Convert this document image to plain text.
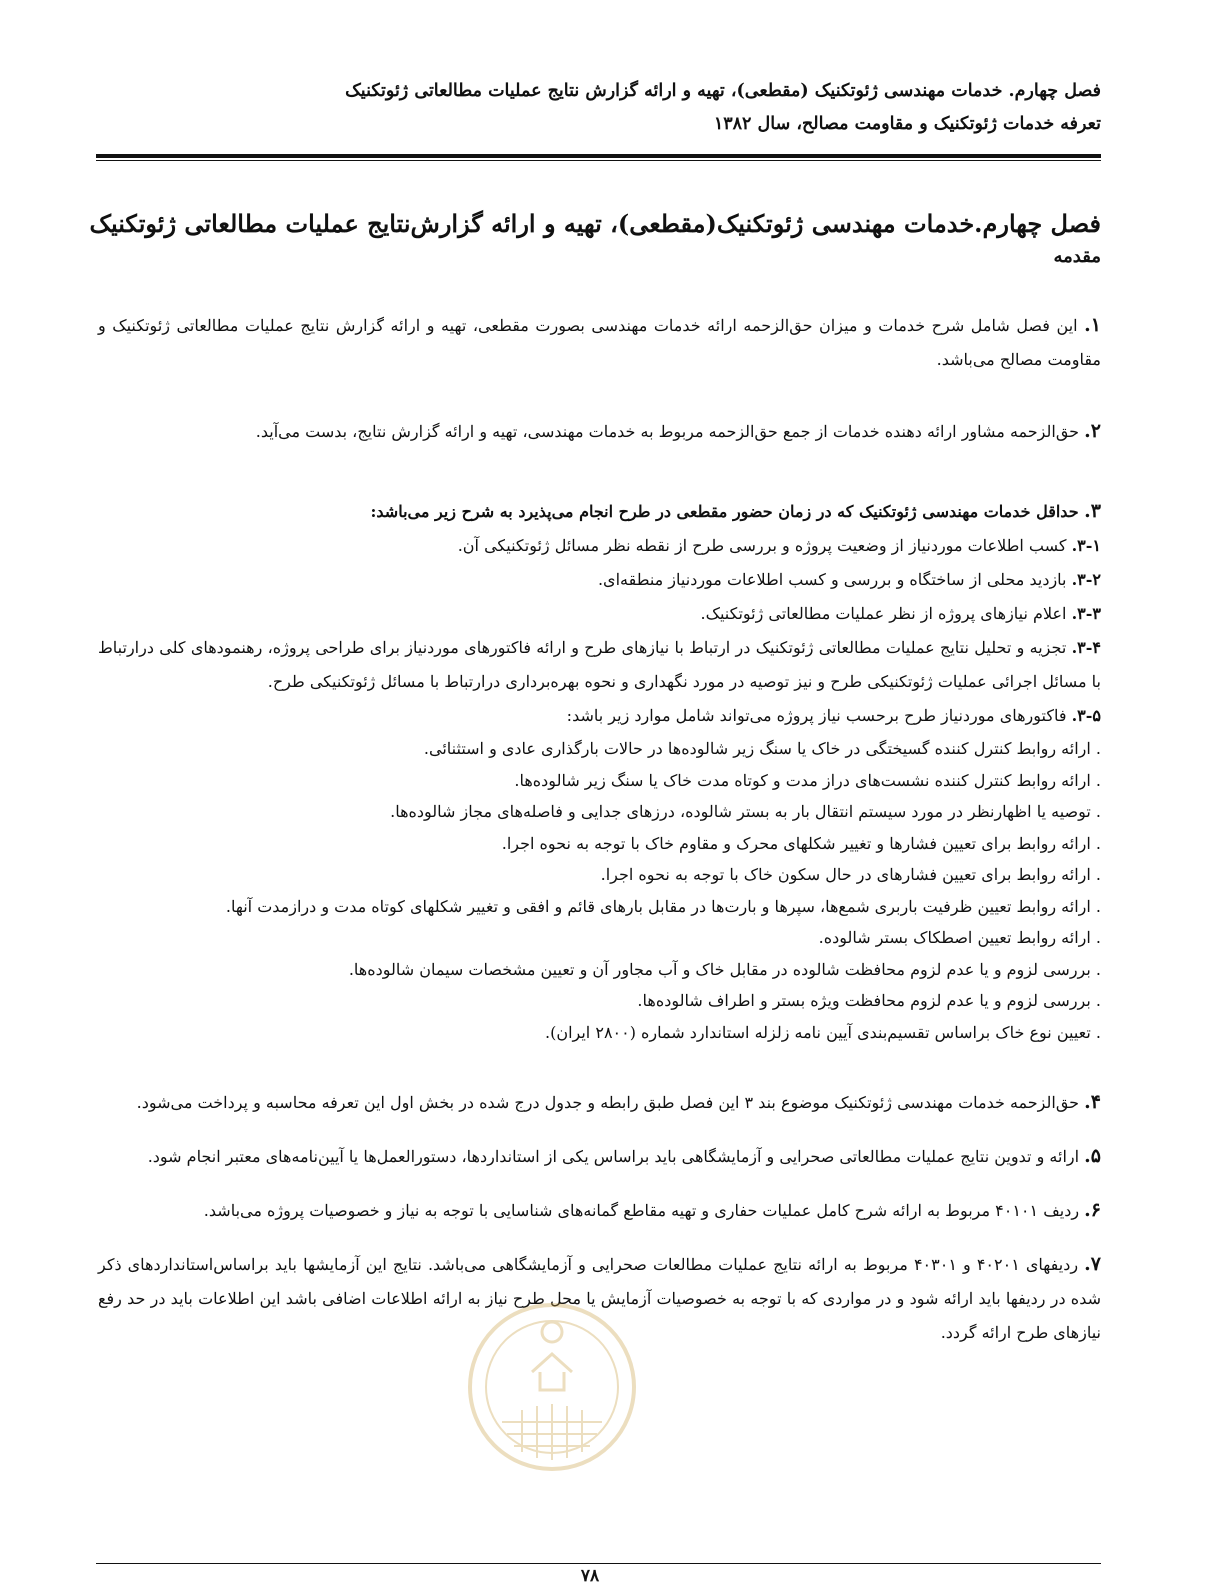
فصل چهارم. خدمات مهندسی ژئوتکنیک (مقطعی)، تهیه و ارائه گزارش نتایج عملیات مطالعاتی ژئوتکنیک
تعرفه خدمات ژئوتکنیک و مقاومت مصالح، سال ۱۳۸۲
فصل چهارم.خدمات مهندسی ژئوتکنیک(مقطعی)، تهیه و ارائه گزارش‌نتایج عملیات مطالعاتی ژئوتکنیک
مقدمه
۱. این فصل شامل شرح خدمات و میزان حق‌الزحمه ارائه خدمات مهندسی بصورت مقطعی، تهیه و ارائه گزارش نتایج عملیات مطالعاتی ژئوتکنیک و مقاومت مصالح می‌باشد.
۲. حق‌الزحمه مشاور ارائه دهنده خدمات از جمع حق‌الزحمه مربوط به خدمات مهندسی، تهیه و ارائه گزارش نتایج، بدست می‌آید.
۳. حداقل خدمات مهندسی ژئوتکنیک که در زمان حضور مقطعی در طرح انجام می‌پذیرد به شرح زیر می‌باشد:
۳-۱. کسب اطلاعات موردنیاز از وضعیت پروژه و بررسی طرح از نقطه نظر مسائل ژئوتکنیکی آن.
۳-۲. بازدید محلی از ساختگاه و بررسی و کسب اطلاعات موردنیاز منطقه‌ای.
۳-۳. اعلام نیازهای پروژه از نظر عملیات مطالعاتی ژئوتکنیک.
۳-۴. تجزیه و تحلیل نتایج عملیات مطالعاتی ژئوتکنیک در ارتباط با نیازهای طرح و ارائه فاکتورهای موردنیاز برای طراحی پروژه، رهنمودهای کلی درارتباط با مسائل اجرائی عملیات ژئوتکنیکی طرح و نیز توصیه در مورد نگهداری و نحوه بهره‌برداری درارتباط با مسائل ژئوتکنیکی طرح.
۳-۵. فاکتورهای موردنیاز طرح برحسب نیاز پروژه می‌تواند شامل موارد زیر باشد:
. ارائه روابط کنترل کننده گسیختگی در خاک یا سنگ زیر شالوده‌ها در حالات بارگذاری عادی و استثنائی.
. ارائه روابط کنترل کننده نشست‌های دراز مدت و کوتاه مدت خاک یا سنگ زیر شالوده‌ها.
. توصیه یا اظهارنظر در مورد سیستم انتقال بار به بستر شالوده، درزهای جدایی و فاصله‌های مجاز شالوده‌ها.
. ارائه روابط برای تعیین فشارها و تغییر شکلهای محرک و مقاوم خاک با توجه به نحوه اجرا.
. ارائه روابط برای تعیین فشارهای در حال سکون خاک با توجه به نحوه اجرا.
. ارائه روابط تعیین ظرفیت باربری شمع‌ها، سپرها و بارت‌ها در مقابل بارهای قائم و افقی و تغییر شکلهای کوتاه مدت و درازمدت آنها.
. ارائه روابط تعیین اصطکاک بستر شالوده.
. بررسی لزوم و یا عدم لزوم محافظت شالوده در مقابل خاک و آب مجاور آن و تعیین مشخصات سیمان شالوده‌ها.
. بررسی لزوم و یا عدم لزوم محافظت ویژه بستر و اطراف شالوده‌ها.
. تعیین نوع خاک براساس تقسیم‌بندی آیین نامه زلزله استاندارد شماره (۲۸۰۰ ایران).
۴. حق‌الزحمه خدمات مهندسی ژئوتکنیک موضوع بند ۳ این فصل طبق رابطه و جدول درج شده در بخش اول این تعرفه محاسبه و پرداخت می‌شود.
۵. ارائه و تدوین نتایج عملیات مطالعاتی صحرایی و آزمایشگاهی باید براساس یکی از استانداردها، دستورالعمل‌ها یا آیین‌نامه‌های معتبر انجام شود.
۶. ردیف ۴۰۱۰۱ مربوط به ارائه شرح کامل عملیات حفاری و تهیه مقاطع گمانه‌های شناسایی با توجه به نیاز و خصوصیات پروژه می‌باشد.
۷. ردیفهای ۴۰۲۰۱ و ۴۰۳۰۱ مربوط به ارائه نتایج عملیات مطالعات صحرایی و آزمایشگاهی می‌باشد. نتایج این آزمایشها باید براساس‌استانداردهای ذکر شده در ردیفها باید ارائه شود و در مواردی که با توجه به خصوصیات آزمایش یا محل طرح نیاز به ارائه اطلاعات اضافی باشد این اطلاعات باید در حد رفع نیازهای طرح ارائه گردد.
۷۸
